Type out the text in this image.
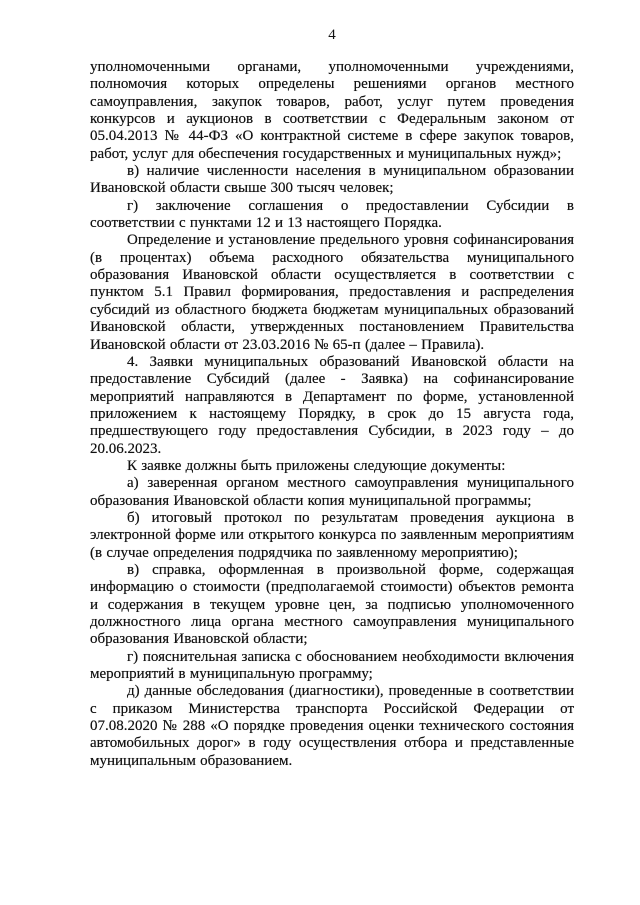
4

уполномоченными органами, уполномоченными учреждениями, полномочия которых определены решениями органов местного самоуправления, закупок товаров, работ, услуг путем проведения конкурсов и аукционов в соответствии с Федеральным законом от 05.04.2013 № 44-ФЗ «О контрактной системе в сфере закупок товаров, работ, услуг для обеспечения государственных и муниципальных нужд»;

в) наличие численности населения в муниципальном образовании Ивановской области свыше 300 тысяч человек;

г) заключение соглашения о предоставлении Субсидии в соответствии с пунктами 12 и 13 настоящего Порядка.

Определение и установление предельного уровня софинансирования (в процентах) объема расходного обязательства муниципального образования Ивановской области осуществляется в соответствии с пунктом 5.1 Правил формирования, предоставления и распределения субсидий из областного бюджета бюджетам муниципальных образований Ивановской области, утвержденных постановлением Правительства Ивановской области от 23.03.2016 № 65-п (далее – Правила).

4. Заявки муниципальных образований Ивановской области на предоставление Субсидий (далее - Заявка) на софинансирование мероприятий направляются в Департамент по форме, установленной приложением к настоящему Порядку, в срок до 15 августа года, предшествующего году предоставления Субсидии, в 2023 году – до 20.06.2023.

К заявке должны быть приложены следующие документы:

а) заверенная органом местного самоуправления муниципального образования Ивановской области копия муниципальной программы;

б) итоговый протокол по результатам проведения аукциона в электронной форме или открытого конкурса по заявленным мероприятиям (в случае определения подрядчика по заявленному мероприятию);

в) справка, оформленная в произвольной форме, содержащая информацию о стоимости (предполагаемой стоимости) объектов ремонта и содержания в текущем уровне цен, за подписью уполномоченного должностного лица органа местного самоуправления муниципального образования Ивановской области;

г) пояснительная записка с обоснованием необходимости включения мероприятий в муниципальную программу;

д) данные обследования (диагностики), проведенные в соответствии с приказом Министерства транспорта Российской Федерации от 07.08.2020 № 288 «О порядке проведения оценки технического состояния автомобильных дорог» в году осуществления отбора и представленные муниципальным образованием.
